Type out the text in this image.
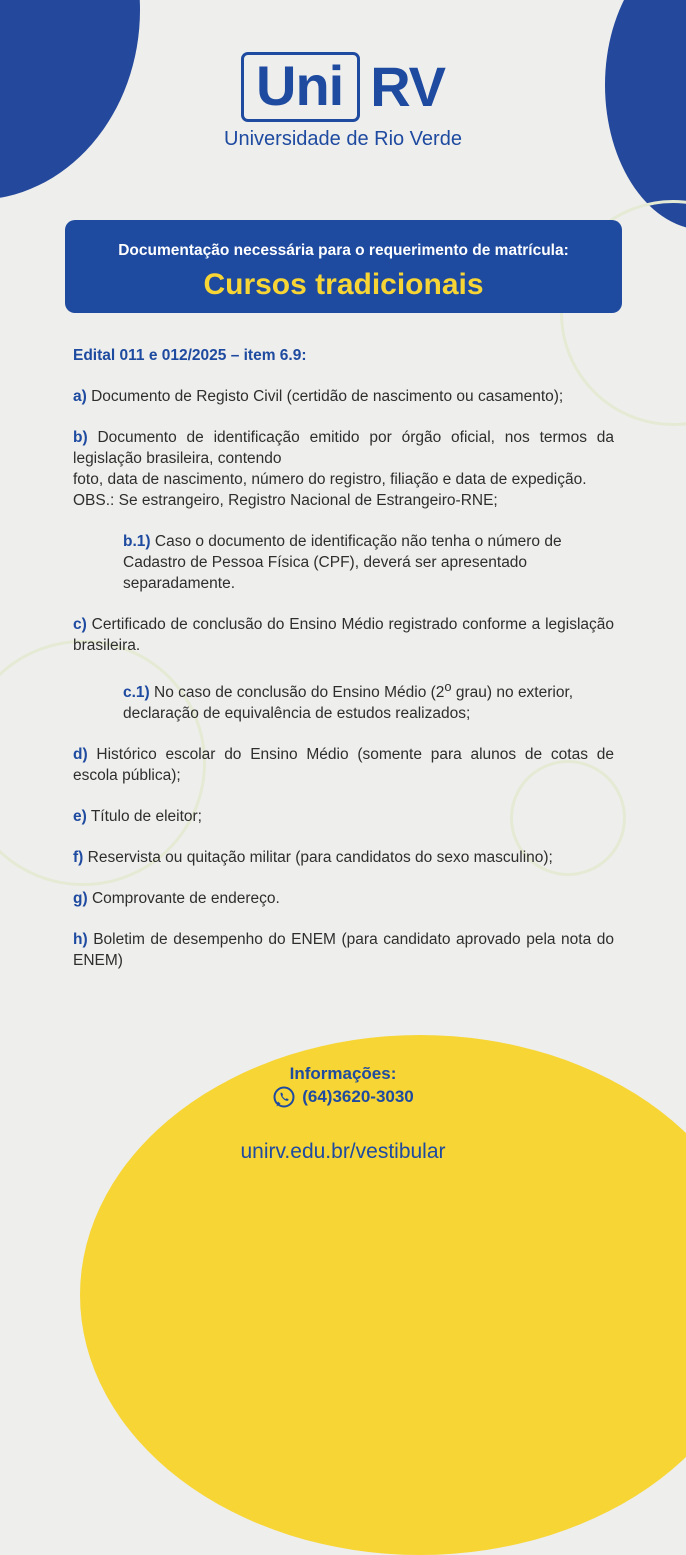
Uni RV
Universidade de Rio Verde
Documentação necessária para o requerimento de matrícula:
Cursos tradicionais

Edital 011 e 012/2025 – item 6.9:

a) Documento de Registo Civil (certidão de nascimento ou casamento);

b) Documento de identificação emitido por órgão oficial, nos termos da legislação brasileira, contendo
foto, data de nascimento, número do registro, filiação e data de expedição.
OBS.: Se estrangeiro, Registro Nacional de Estrangeiro-RNE;

b.1) Caso o documento de identificação não tenha o número de Cadastro de Pessoa Física (CPF), deverá ser apresentado separadamente.

c) Certificado de conclusão do Ensino Médio registrado conforme a legislação brasileira.

c.1) No caso de conclusão do Ensino Médio (2$^o$ grau) no exterior, declaração de equivalência de estudos realizados;

d) Histórico escolar do Ensino Médio (somente para alunos de cotas de escola pública);

e) Título de eleitor;

f) Reservista ou quitação militar (para candidatos do sexo masculino);

g) Comprovante de endereço.

h) Boletim de desempenho do ENEM (para candidato aprovado pela nota do ENEM)

Informações:
(64)3620-3030
unirv.edu.br/vestibular
